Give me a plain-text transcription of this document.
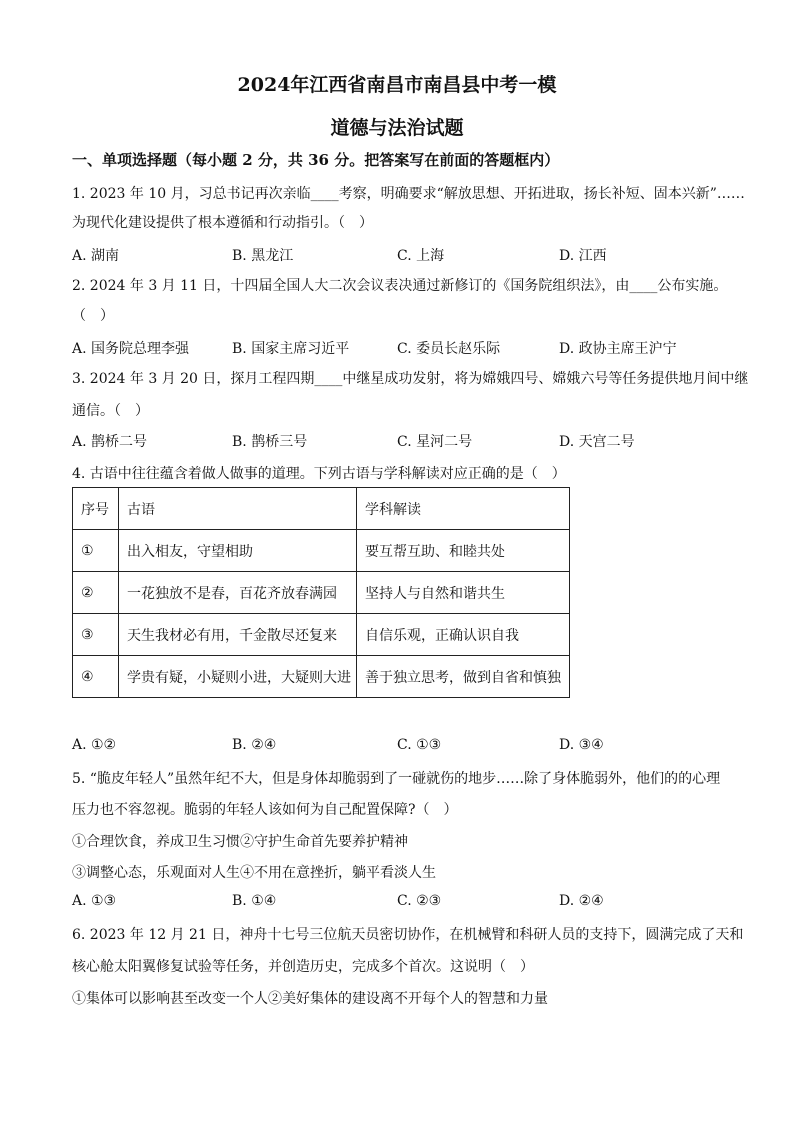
2024年江西省南昌市南昌县中考一模
道德与法治试题
一、单项选择题（每小题 2 分，共 36 分。把答案写在前面的答题框内）
1. 2023 年 10 月，习总书记再次亲临____考察，明确要求“解放思想、开拓进取，扬长补短、固本兴新”……
为现代化建设提供了根本遵循和行动指引。（　）
A. 湖南	B. 黑龙江	C. 上海	D. 江西
2. 2024 年 3 月 11 日，十四届全国人大二次会议表决通过新修订的《国务院组织法》，由____公布实施。
（　）
A. 国务院总理李强	B. 国家主席习近平	C. 委员长赵乐际	D. 政协主席王沪宁
3. 2024 年 3 月 20 日，探月工程四期____中继星成功发射，将为嫦娥四号、嫦娥六号等任务提供地月间中继
通信。（　）
A. 鹊桥二号	B. 鹊桥三号	C. 星河二号	D. 天宫二号
4. 古语中往往蕴含着做人做事的道理。下列古语与学科解读对应正确的是（　）
序号	古语	学科解读
①	出入相友，守望相助	要互帮互助、和睦共处
②	一花独放不是春，百花齐放春满园	坚持人与自然和谐共生
③	天生我材必有用，千金散尽还复来	自信乐观，正确认识自我
④	学贵有疑，小疑则小进，大疑则大进	善于独立思考，做到自省和慎独
A. ①②	B. ②④	C. ①③	D. ③④
5. “脆皮年轻人”虽然年纪不大，但是身体却脆弱到了一碰就伤的地步……除了身体脆弱外，他们的的心理
压力也不容忽视。脆弱的年轻人该如何为自己配置保障?（　）
①合理饮食，养成卫生习惯②守护生命首先要养护精神
③调整心态，乐观面对人生④不用在意挫折，躺平看淡人生
A. ①③	B. ①④	C. ②③	D. ②④
6. 2023 年 12 月 21 日，神舟十七号三位航天员密切协作，在机械臂和科研人员的支持下，圆满完成了天和
核心舱太阳翼修复试验等任务，并创造历史，完成多个首次。这说明（　）
①集体可以影响甚至改变一个人②美好集体的建设离不开每个人的智慧和力量
